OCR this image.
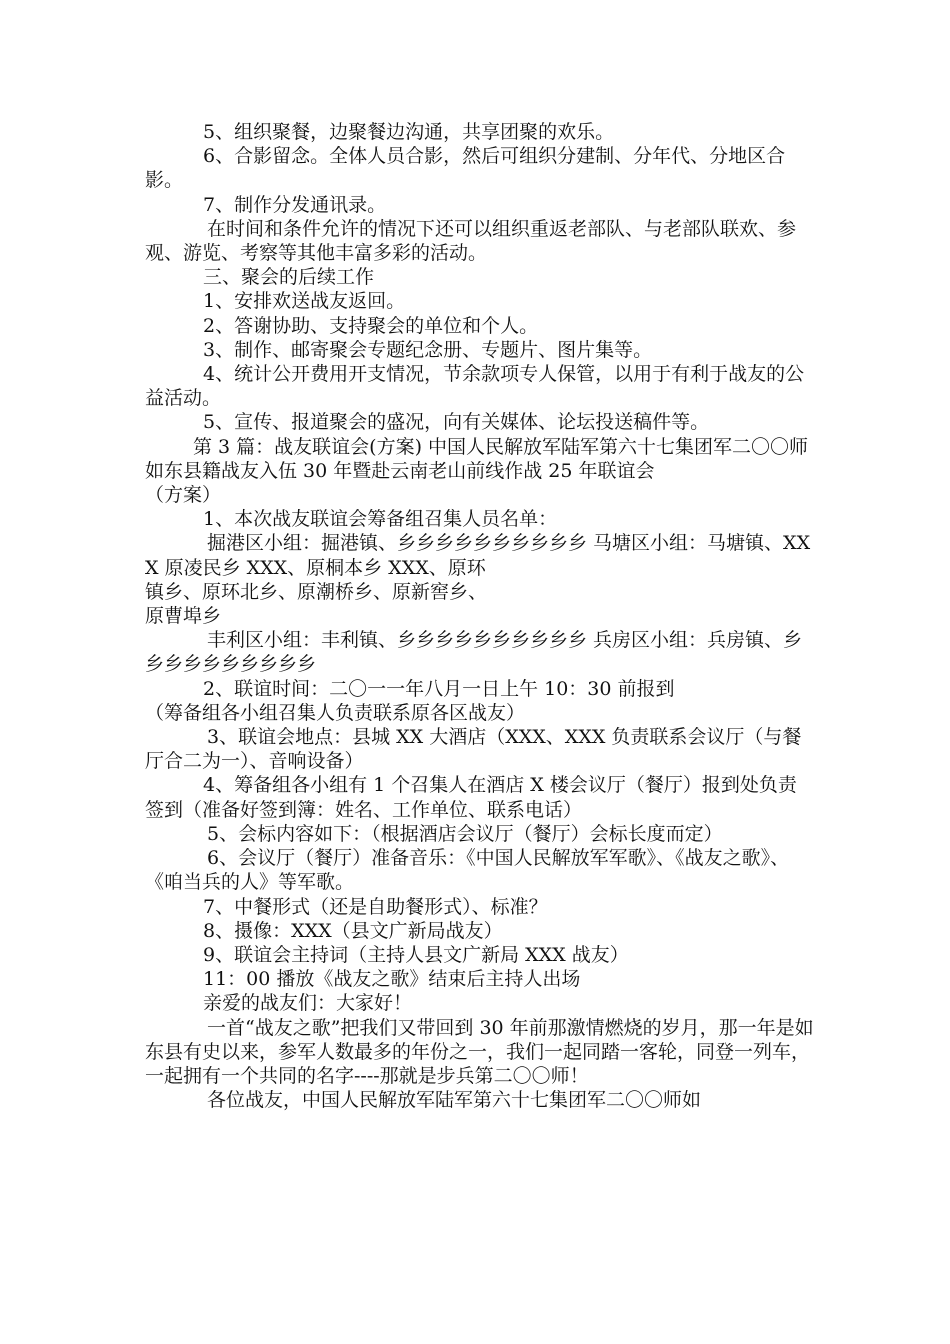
5、组织聚餐，边聚餐边沟通，共享团聚的欢乐。

6、合影留念。全体人员合影，然后可组织分建制、分年代、分地区合影。

7、制作分发通讯录。

在时间和条件允许的情况下还可以组织重返老部队、与老部队联欢、参观、游览、考察等其他丰富多彩的活动。

三、聚会的后续工作

1、安排欢送战友返回。

2、答谢协助、支持聚会的单位和个人。

3、制作、邮寄聚会专题纪念册、专题片、图片集等。

4、统计公开费用开支情况，节余款项专人保管，以用于有利于战友的公益活动。

5、宣传、报道聚会的盛况，向有关媒体、论坛投送稿件等。

第 3 篇：战友联谊会(方案) 中国人民解放军陆军第六十七集团军二〇〇师

如东县籍战友入伍 30 年暨赴云南老山前线作战 25 年联谊会

（方案）

1、本次战友联谊会筹备组召集人员名单：

掘港区小组：掘港镇、乡乡乡乡乡乡乡乡乡乡 马塘区小组：马塘镇、XXX 原凌民乡 XXX、原桐本乡 XXX、原环

镇乡、原环北乡、原潮桥乡、原新窖乡、

原曹埠乡

丰利区小组：丰利镇、乡乡乡乡乡乡乡乡乡乡 兵房区小组：兵房镇、乡乡乡乡乡乡乡乡乡乡

2、联谊时间：二〇一一年八月一日上午 10：30 前报到

（筹备组各小组召集人负责联系原各区战友）

3、联谊会地点：县城 XX 大酒店（XXX、XXX 负责联系会议厅（与餐厅合二为一）、音响设备）

4、筹备组各小组有 1 个召集人在酒店 X 楼会议厅（餐厅）报到处负责签到（准备好签到簿：姓名、工作单位、联系电话）

5、会标内容如下：（根据酒店会议厅（餐厅）会标长度而定）

6、会议厅（餐厅）准备音乐：《中国人民解放军军歌》、《战友之歌》、《咱当兵的人》等军歌。

7、中餐形式（还是自助餐形式）、标准？

8、摄像：XXX（县文广新局战友）

9、联谊会主持词（主持人县文广新局 XXX 战友）

11：00 播放《战友之歌》结束后主持人出场

亲爱的战友们：大家好！

一首“战友之歌”把我们又带回到 30 年前那激情燃烧的岁月，那一年是如东县有史以来，参军人数最多的年份之一，我们一起同踏一客轮，同登一列车，一起拥有一个共同的名字----那就是步兵第二〇〇师！

各位战友，中国人民解放军陆军第六十七集团军二〇〇师如
